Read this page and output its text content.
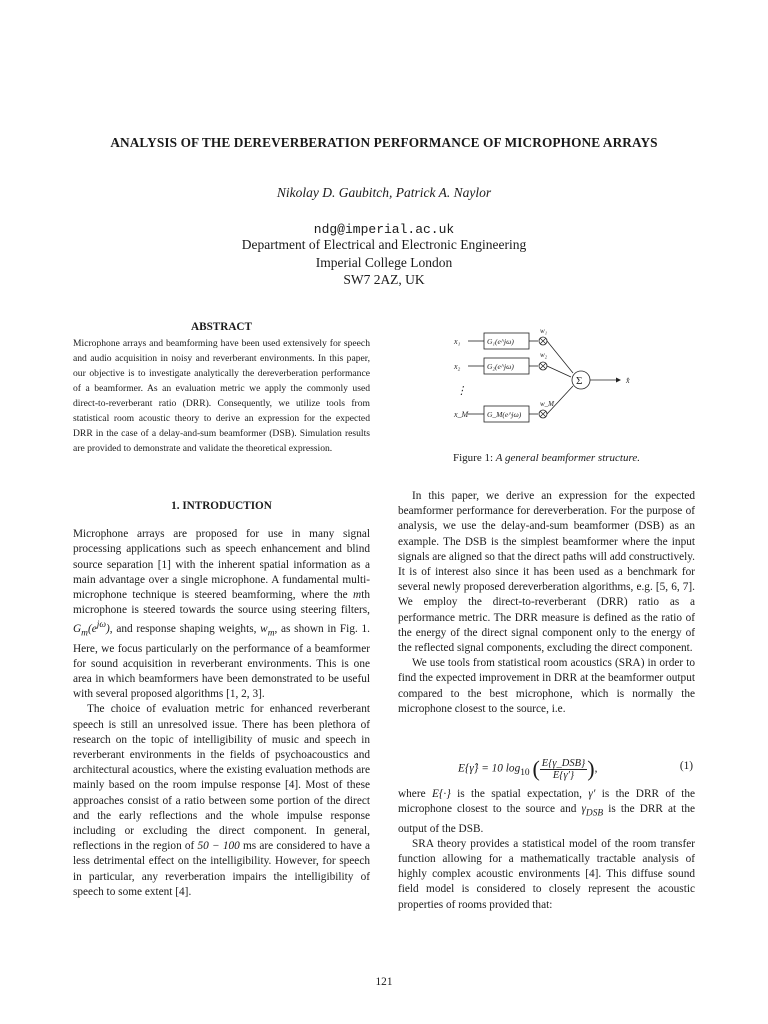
ANALYSIS OF THE DEREVERBERATION PERFORMANCE OF MICROPHONE ARRAYS
Nikolay D. Gaubitch, Patrick A. Naylor
ndg@imperial.ac.uk
Department of Electrical and Electronic Engineering
Imperial College London
SW7 2AZ, UK

ABSTRACT

Microphone arrays and beamforming have been used extensively for speech and audio acquisition in noisy and reverberant environments. In this paper, our objective is to investigate analytically the dereverberation performance of a beamformer. As an evaluation metric we apply the commonly used direct-to-reverberant ratio (DRR). Consequently, we utilize tools from statistical room acoustic theory to derive an expression for the expected DRR in the case of a delay-and-sum beamformer (DSB). Simulation results are provided to demonstrate and validate the theoretical expression.

1. INTRODUCTION

Microphone arrays are proposed for use in many signal processing applications such as speech enhancement and blind source separation [1] with the inherent spatial information as a main advantage over a single microphone. A fundamental multi-microphone technique is steered beamforming, where the mth microphone is steered towards the source using steering filters, $G_m(e^{j\omega})$, and response shaping weights, $w_m$, as shown in Fig. 1. Here, we focus particularly on the performance of a beamformer for sound acquisition in reverberant environments. This is one area in which beamformers have been demonstrated to be useful with several proposed algorithms [1, 2, 3].

The choice of evaluation metric for enhanced reverberant speech is still an unresolved issue. There has been plethora of research on the topic of intelligibility of music and speech in reverberant environments in the fields of psychoacoustics and architectural acoustics, where the existing evaluation methods are mainly based on the room impulse response [4]. Most of these approaches consist of a ratio between some portion of the direct and the early reflections and the whole impulse response including or excluding the direct component. In general, reflections in the region of 50 − 100 ms are considered to have a less detrimental effect on the intelligibility. However, for speech in particular, any reverberation impairs the intelligibility of speech to some extent [4].

x₁
x₂
x_M
⋮
G₁(e^jω)
G₂(e^jω)
G_M(e^jω)
w₁
w₂
w_M
Σ	x̂
Figure 1: A general beamformer structure.

In this paper, we derive an expression for the expected beamformer performance for dereverberation. For the purpose of analysis, we use the delay-and-sum beamformer (DSB) as an example. The DSB is the simplest beamformer where the input signals are aligned so that the direct paths will add constructively. It is of interest also since it has been used as a benchmark for several newly proposed dereverberation algorithms, e.g. [5, 6, 7]. We employ the direct-to-reverberant (DRR) ratio as a performance metric. The DRR measure is defined as the ratio of the energy of the direct signal component only to the energy of the reflected signal components, excluding the direct component.

We use tools from statistical room acoustics (SRA) in order to find the expected improvement in DRR at the beamformer output compared to the best microphone, which is normally the microphone closest to the source, i.e.

E{γ̂} = 10 $\log_{10}$ ( $\frac{\text{E\{γ\_DSB\}}}{E\{\gamma'\}}$ ),	(1)

where E{·} is the spatial expectation, γ′ is the DRR of the microphone closest to the source and $\gamma_{DSB}$ is the DRR at the output of the DSB.

SRA theory provides a statistical model of the room transfer function allowing for a mathematically tractable analysis of highly complex acoustic environments [4]. This diffuse sound field model is considered to closely represent the acoustic properties of rooms provided that:

121
